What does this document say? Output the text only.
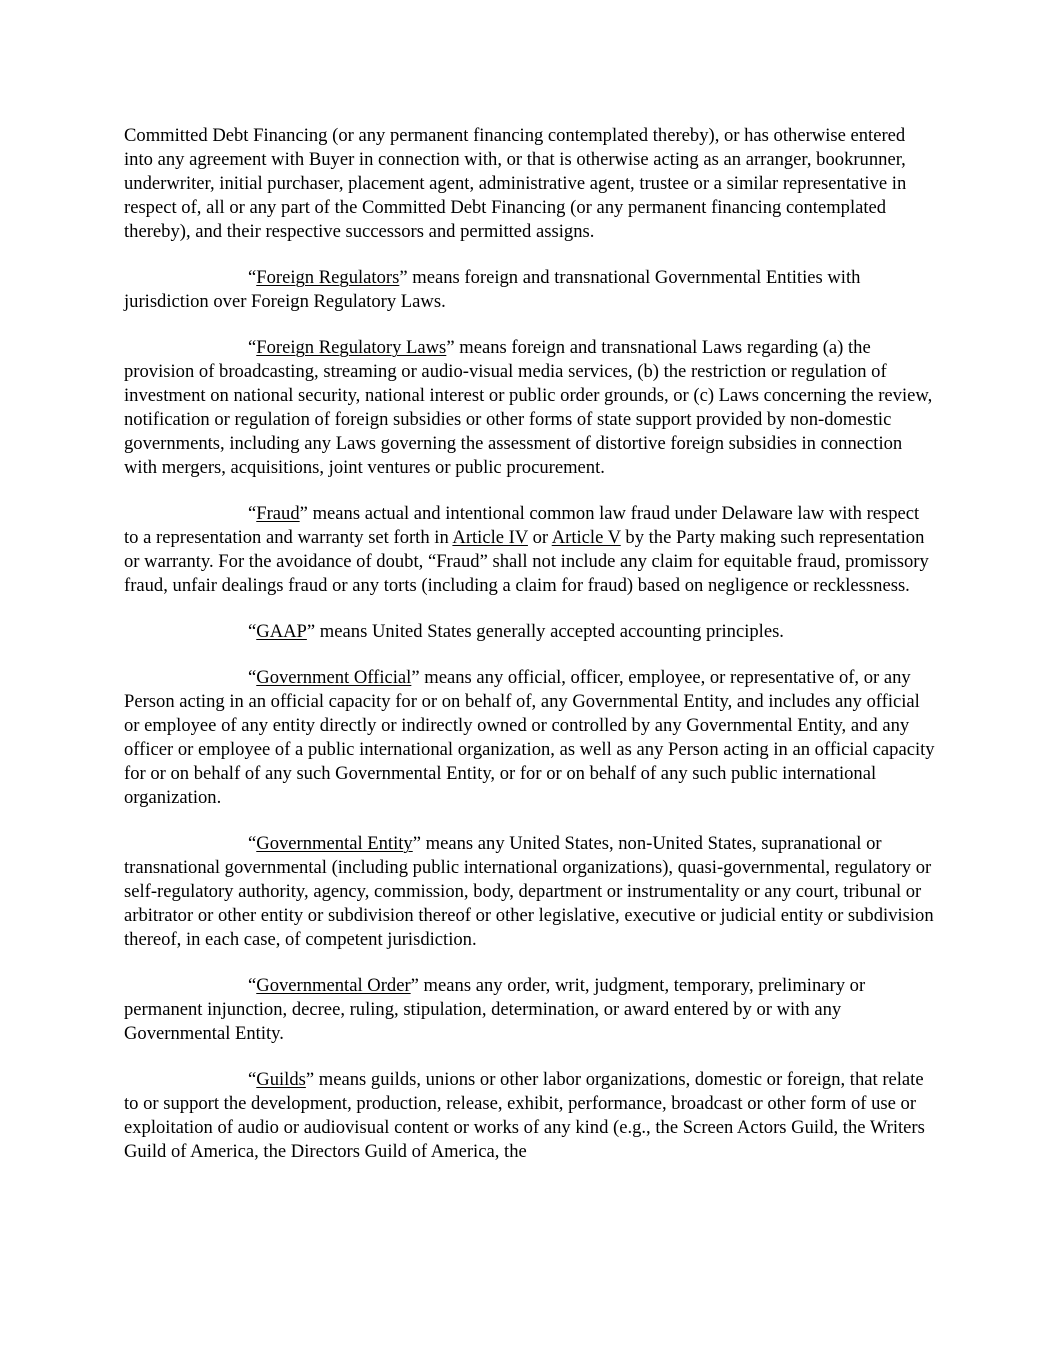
Committed Debt Financing (or any permanent financing contemplated thereby), or has otherwise entered into any agreement with Buyer in connection with, or that is otherwise acting as an arranger, bookrunner, underwriter, initial purchaser, placement agent, administrative agent, trustee or a similar representative in respect of, all or any part of the Committed Debt Financing (or any permanent financing contemplated thereby), and their respective successors and permitted assigns.

“Foreign Regulators” means foreign and transnational Governmental Entities with jurisdiction over Foreign Regulatory Laws.

“Foreign Regulatory Laws” means foreign and transnational Laws regarding (a) the provision of broadcasting, streaming or audio-visual media services, (b) the restriction or regulation of investment on national security, national interest or public order grounds, or (c) Laws concerning the review, notification or regulation of foreign subsidies or other forms of state support provided by non-domestic governments, including any Laws governing the assessment of distortive foreign subsidies in connection with mergers, acquisitions, joint ventures or public procurement.

“Fraud” means actual and intentional common law fraud under Delaware law with respect to a representation and warranty set forth in Article IV or Article V by the Party making such representation or warranty. For the avoidance of doubt, “Fraud” shall not include any claim for equitable fraud, promissory fraud, unfair dealings fraud or any torts (including a claim for fraud) based on negligence or recklessness.

“GAAP” means United States generally accepted accounting principles.

“Government Official” means any official, officer, employee, or representative of, or any Person acting in an official capacity for or on behalf of, any Governmental Entity, and includes any official or employee of any entity directly or indirectly owned or controlled by any Governmental Entity, and any officer or employee of a public international organization, as well as any Person acting in an official capacity for or on behalf of any such Governmental Entity, or for or on behalf of any such public international organization.

“Governmental Entity” means any United States, non-United States, supranational or transnational governmental (including public international organizations), quasi-governmental, regulatory or self-regulatory authority, agency, commission, body, department or instrumentality or any court, tribunal or arbitrator or other entity or subdivision thereof or other legislative, executive or judicial entity or subdivision thereof, in each case, of competent jurisdiction.

“Governmental Order” means any order, writ, judgment, temporary, preliminary or permanent injunction, decree, ruling, stipulation, determination, or award entered by or with any Governmental Entity.

“Guilds” means guilds, unions or other labor organizations, domestic or foreign, that relate to or support the development, production, release, exhibit, performance, broadcast or other form of use or exploitation of audio or audiovisual content or works of any kind (e.g., the Screen Actors Guild, the Writers Guild of America, the Directors Guild of America, the
